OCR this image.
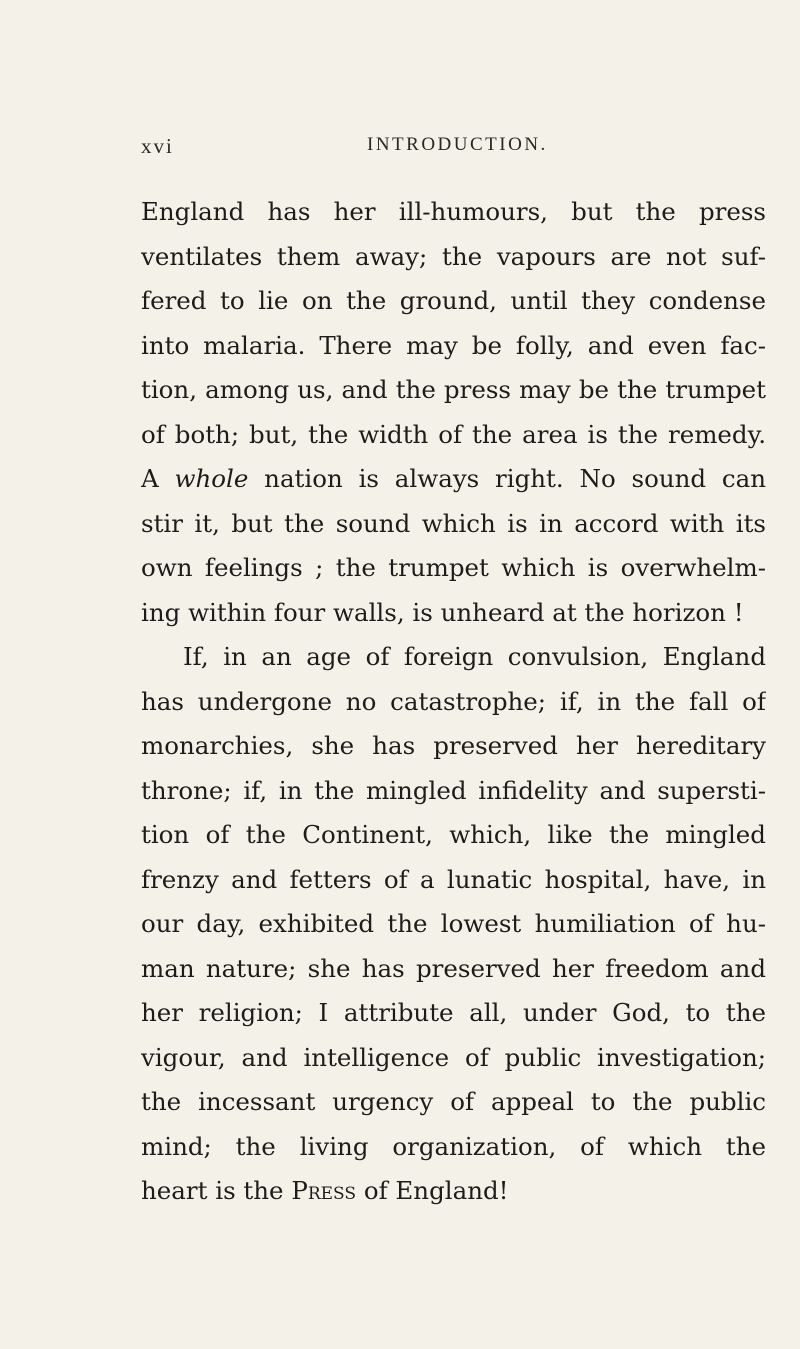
xvi	INTRODUCTION.
England has her ill-humours, but the press
ventilates them away; the vapours are not suf-
fered to lie on the ground, until they condense
into malaria. There may be folly, and even fac-
tion, among us, and the press may be the trumpet
of both; but, the width of the area is the remedy.
A whole nation is always right. No sound can
stir it, but the sound which is in accord with its
own feelings ; the trumpet which is overwhelm-
ing within four walls, is unheard at the horizon !
If, in an age of foreign convulsion, England
has undergone no catastrophe; if, in the fall of
monarchies, she has preserved her hereditary
throne; if, in the mingled infidelity and supersti-
tion of the Continent, which, like the mingled
frenzy and fetters of a lunatic hospital, have, in
our day, exhibited the lowest humiliation of hu-
man nature; she has preserved her freedom and
her religion; I attribute all, under God, to the
vigour, and intelligence of public investigation;
the incessant urgency of appeal to the public
mind; the living organization, of which the
heart is the Press of England!
